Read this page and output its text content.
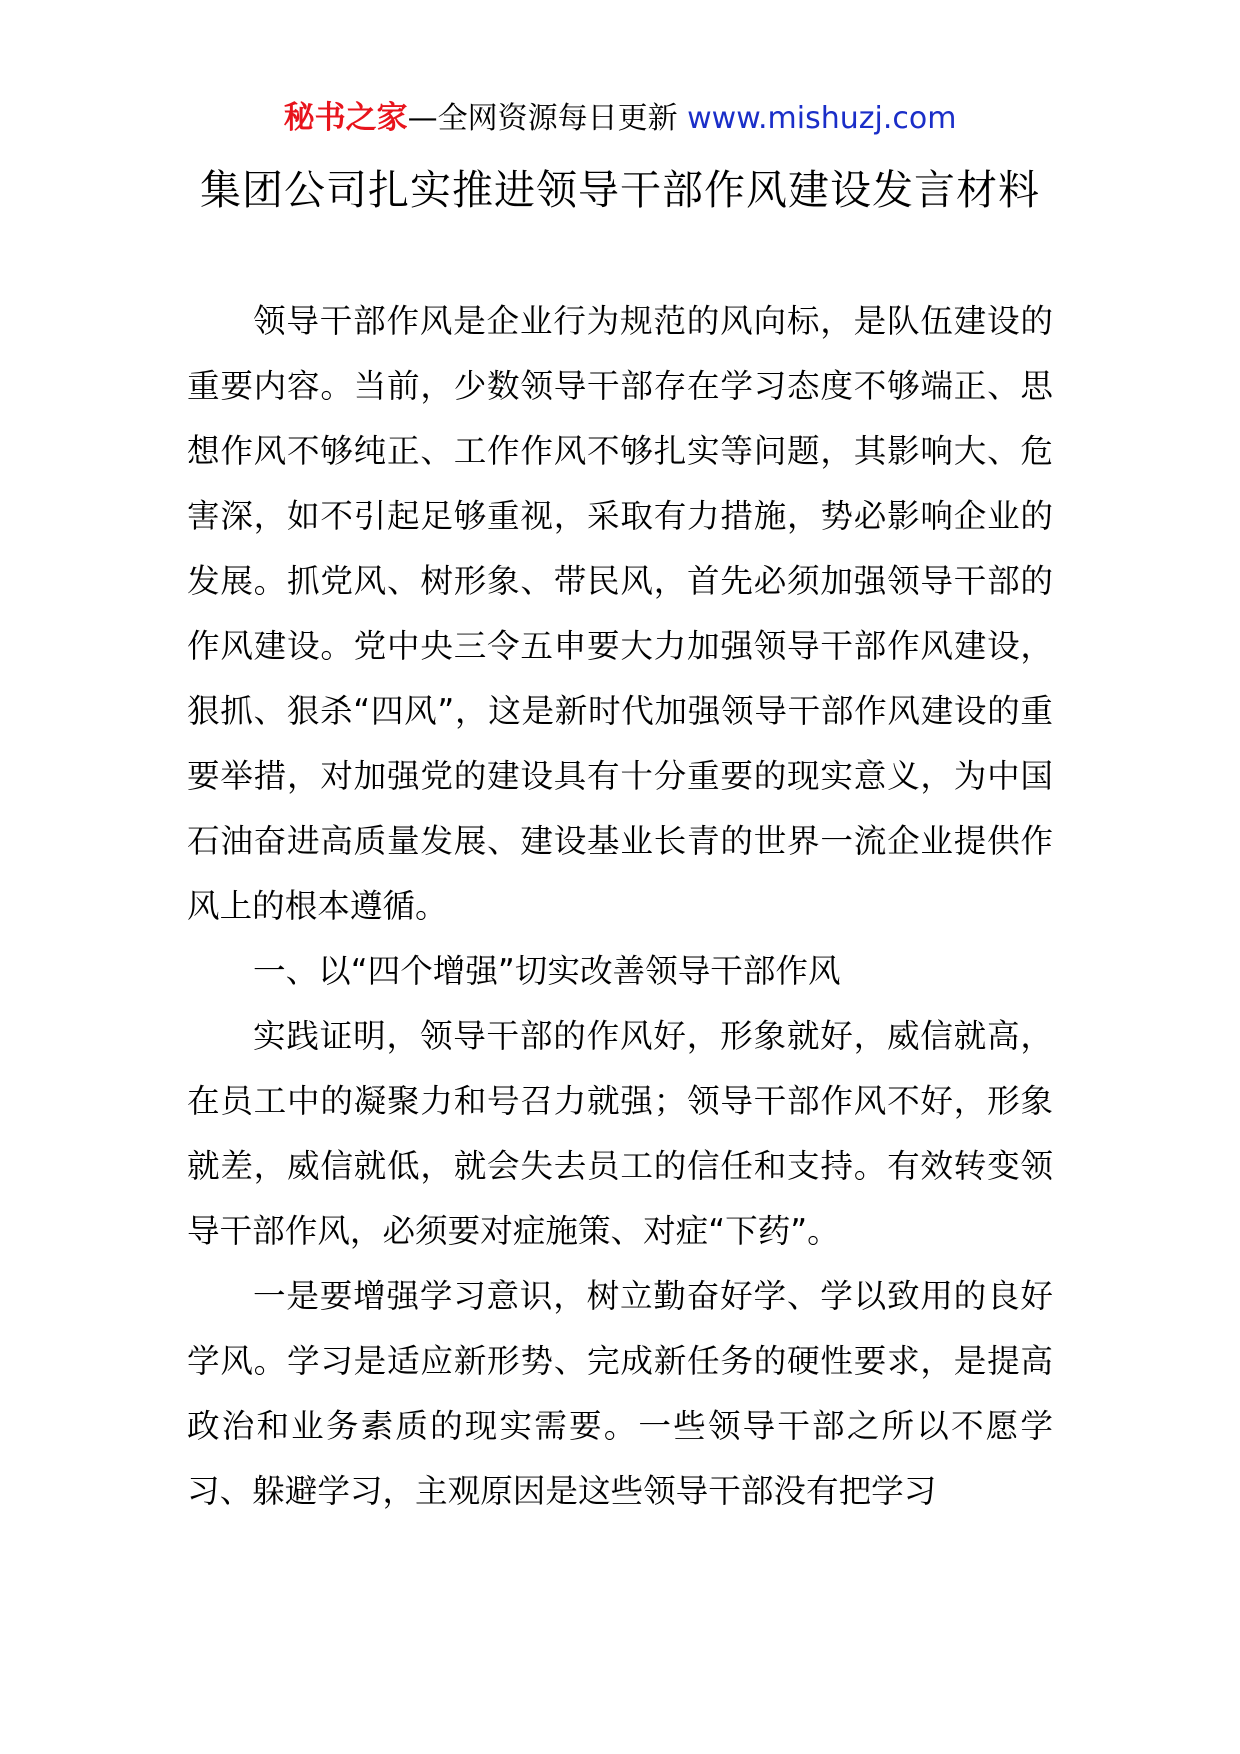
秘书之家—全网资源每日更新 www.mishuzj.com
集团公司扎实推进领导干部作风建设发言材料

领导干部作风是企业行为规范的风向标，是队伍建设的重要内容。当前，少数领导干部存在学习态度不够端正、思想作风不够纯正、工作作风不够扎实等问题，其影响大、危害深，如不引起足够重视，采取有力措施，势必影响企业的发展。抓党风、树形象、带民风，首先必须加强领导干部的作风建设。党中央三令五申要大力加强领导干部作风建设，狠抓、狠杀“四风”，这是新时代加强领导干部作风建设的重要举措，对加强党的建设具有十分重要的现实意义，为中国石油奋进高质量发展、建设基业长青的世界一流企业提供作风上的根本遵循。

一、以“四个增强”切实改善领导干部作风

实践证明，领导干部的作风好，形象就好，威信就高，在员工中的凝聚力和号召力就强；领导干部作风不好，形象就差，威信就低，就会失去员工的信任和支持。有效转变领导干部作风，必须要对症施策、对症“下药”。

一是要增强学习意识，树立勤奋好学、学以致用的良好学风。学习是适应新形势、完成新任务的硬性要求，是提高政治和业务素质的现实需要。一些领导干部之所以不愿学习、躲避学习，主观原因是这些领导干部没有把学习
